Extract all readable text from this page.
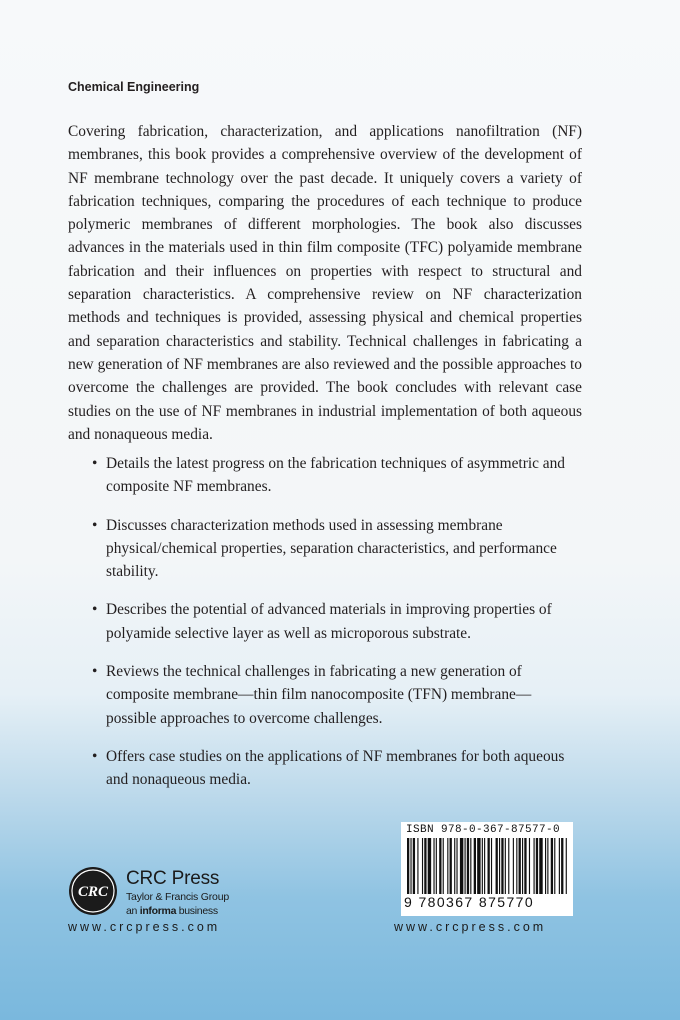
Chemical Engineering

Covering fabrication, characterization, and applications nanofiltration (NF) membranes, this book provides a comprehensive overview of the development of NF membrane technology over the past decade. It uniquely covers a variety of fabrication techniques, comparing the procedures of each technique to produce polymeric membranes of different morphologies. The book also discusses advances in the materials used in thin film composite (TFC) polyamide membrane fabrication and their influences on properties with respect to structural and separation characteristics. A comprehensive review on NF characterization methods and techniques is provided, assessing physical and chemical properties and separation characteristics and stability. Technical challenges in fabricating a new generation of NF membranes are also reviewed and the possible approaches to overcome the challenges are provided. The book concludes with relevant case studies on the use of NF membranes in industrial implementation of both aqueous and nonaqueous media.

• Details the latest progress on the fabrication techniques of asymmetric and composite NF membranes.
• Discusses characterization methods used in assessing membrane physical/chemical properties, separation characteristics, and performance stability.
• Describes the potential of advanced materials in improving properties of polyamide selective layer as well as microporous substrate.
• Reviews the technical challenges in fabricating a new generation of composite membrane—thin film nanocomposite (TFN) membrane—possible approaches to overcome challenges.
• Offers case studies on the applications of NF membranes for both aqueous and nonaqueous media.
CRC
CRC Press
Taylor & Francis Group
an informa business
www.crcpress.com
ISBN 978-0-367-87577-0
9 780367 875770
www.crcpress.com
